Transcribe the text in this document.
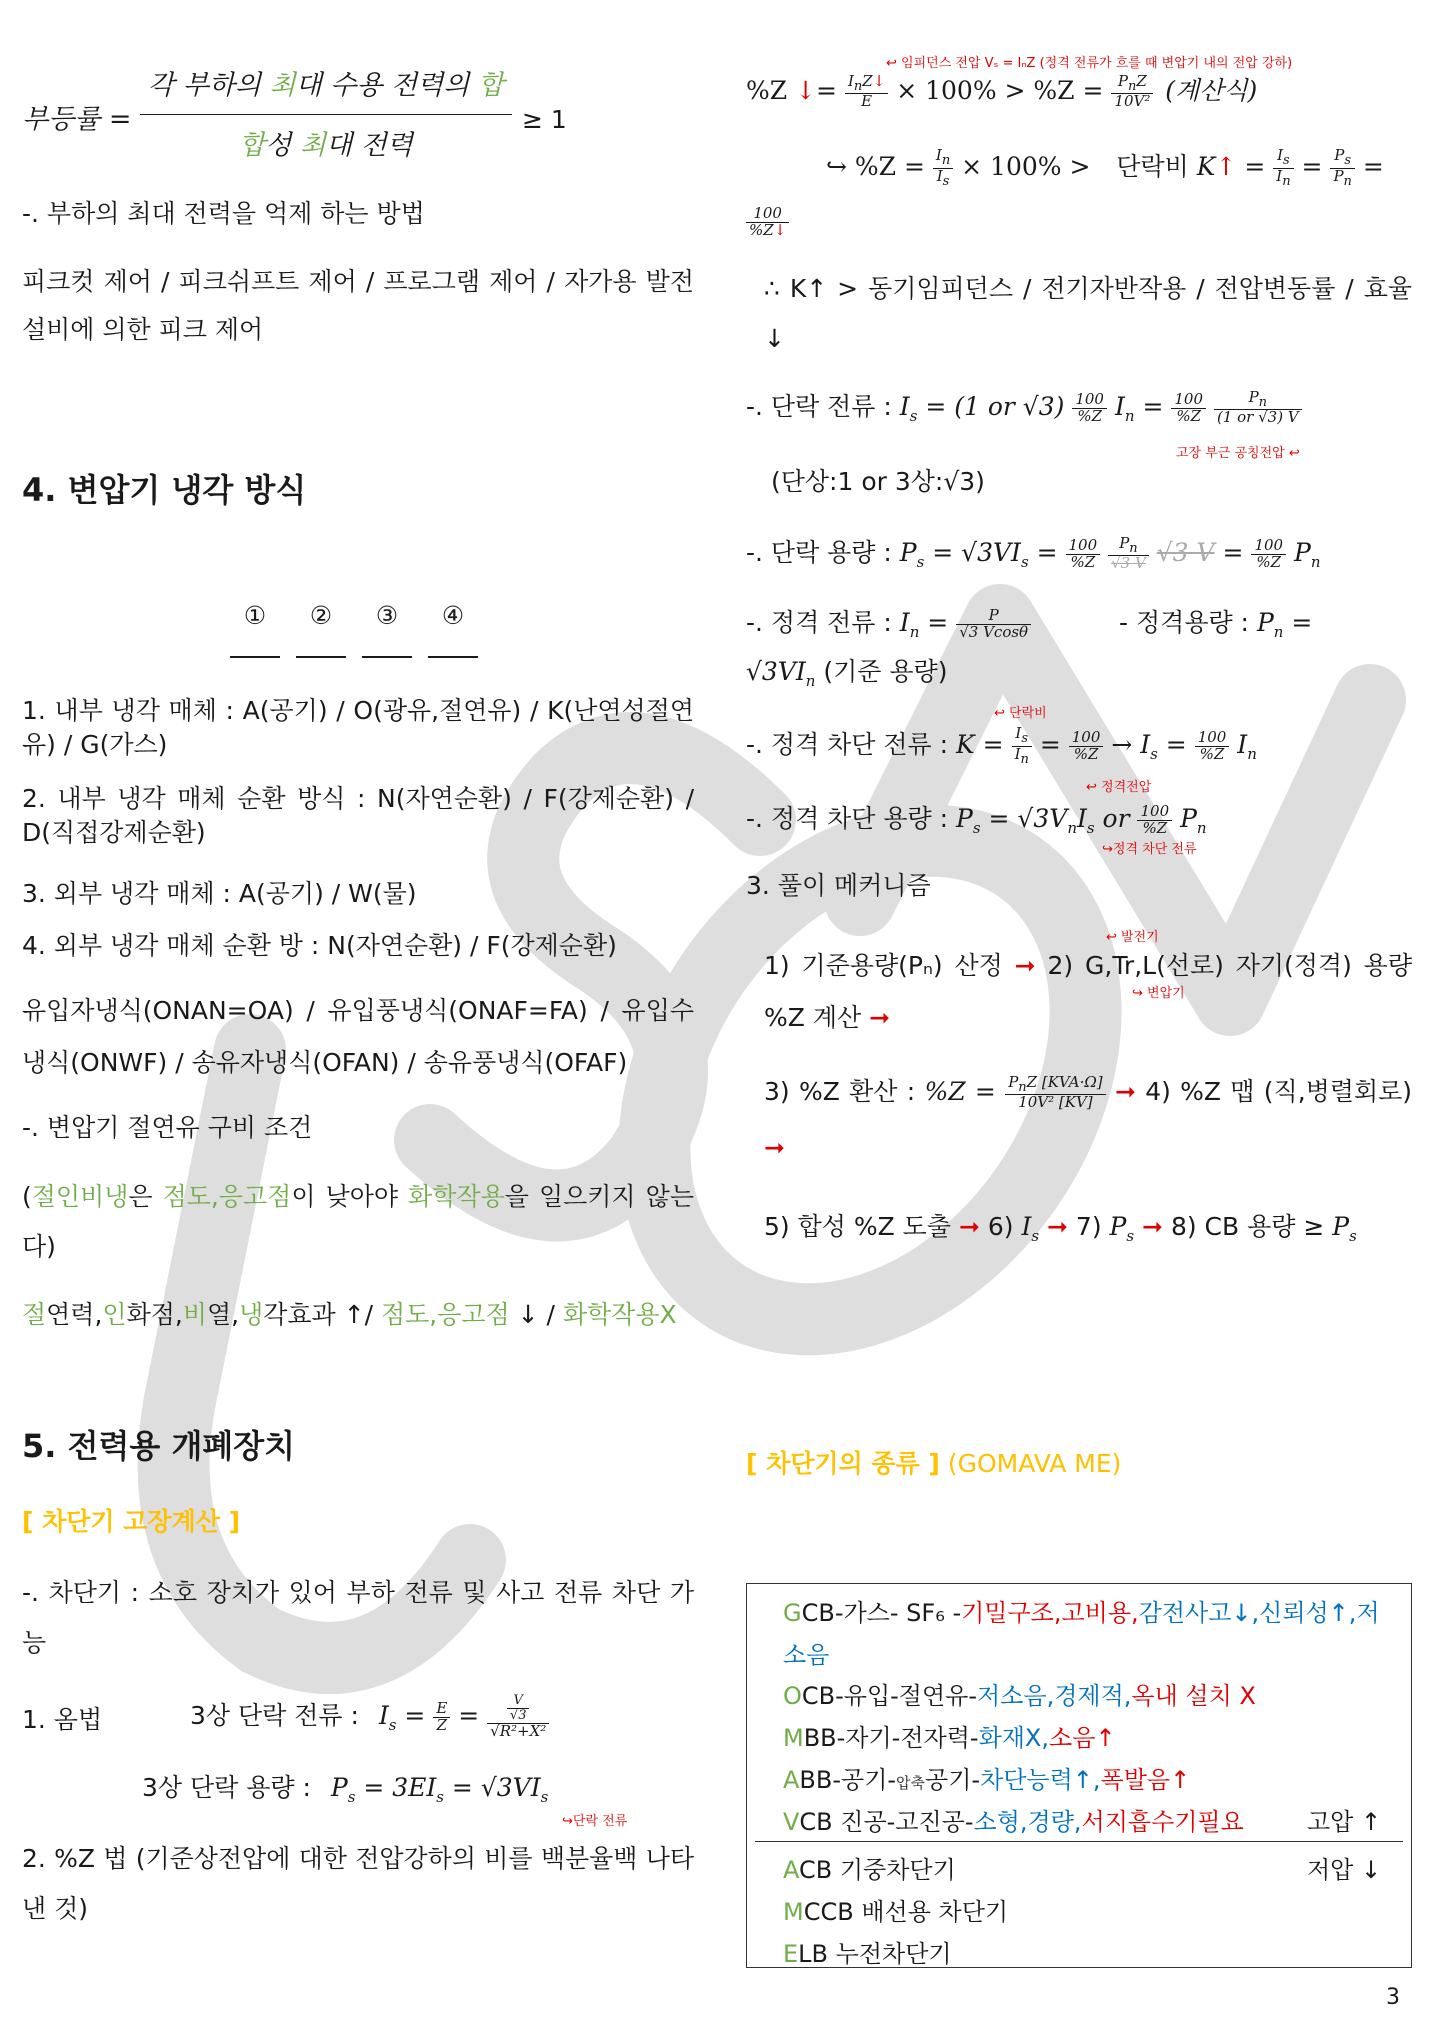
부등률 =
각 부하의 최대 수용 전력의 합
합성 최대 전력
≥ 1
-. 부하의 최대 전력을 억제 하는 방법
피크컷 제어 / 피크쉬프트 제어 / 프로그램 제어 / 자가용 발전설비에 의한 피크 제어
4. 변압기 냉각 방식
① ② ③ ④
1. 내부 냉각 매체 : A(공기) / O(광유,절연유) / K(난연성절연유) / G(가스)
2. 내부 냉각 매체 순환 방식 : N(자연순환) / F(강제순환) / D(직접강제순환)
3. 외부 냉각 매체 : A(공기) / W(물)
4. 외부 냉각 매체 순환 방 : N(자연순환) / F(강제순환)
유입자냉식(ONAN=OA) / 유입풍냉식(ONAF=FA) / 유입수냉식(ONWF) / 송유자냉식(OFAN) / 송유풍냉식(OFAF)
-. 변압기 절연유 구비 조건
(절인비냉은 점도,응고점이 낮아야 화학작용을 일으키지 않는다)
절연력,인화점,비열,냉각효과 ↑/ 점도,응고점 ↓ / 화학작용X
5. 전력용 개폐장치
[ 차단기 고장계산 ]
-. 차단기 : 소호 장치가 있어 부하 전류 및 사고 전류 차단 가능
1. 옴법	3상 단락 전류 : $I_s = \frac{E}{Z} = \frac{\frac{V}{√3}}{\text{√R²+X²}}$
3상 단락 용량 : $P_s = 3EI_s = √3VI_s$
↪단락 전류
2. %Z 법 (기준상전압에 대한 전압강하의 비를 백분율백 나타낸 것)
↩ 임피던스 전압 Vₛ = IₙZ (정격 전류가 흐를 때 변압기 내의 전압 강하)
%Z ↓= $\frac{I_nZ↓}{E} \times 100\% > \%Z = \frac{P_nZ}{\text{10V²}}$ (계산식)
↪ $\%Z = \frac{I_n}{I_s} \times 100\%$ > 단락비 K↑ = $\frac{I_s}{I_n} = \frac{P_s}{P_n}$ =
$\frac{100}{\%Z↓}$
∴ K↑ > 동기임피던스 / 전기자반작용 / 전압변동률 / 효율↓
-. 단락 전류 : $I_s = (1$ or $√3) \frac{100}{\%Z} I_n = \frac{100}{\%Z}$
$\frac{P_n}{(1 or √3) V}$
고장 부근 공칭전압 ↩
(단상:1 or 3상:√3)
-. 단락 용량 : $P_s = √3VI_s = \frac{100}{\%Z}$
$\frac{P_n}{√3 V} √3$ $V = \frac{100}{\%Z} P_n$
-. 정격 전류 : $I_n = \frac{P}{√3 Vcos\theta}$	- 정격용량 : $P_n$ =
$√3VI_n$ (기준 용량)
↩ 단락비
-. 정격 차단 전류 : $K = \frac{I_s}{I_n} = \frac{100}{\%Z} \to I_s = \frac{100}{\%Z} I_n$
↩ 정격전압
-. 정격 차단 용량 : $P_s = √3V_nI_s$ or $\frac{100}{\%Z} P_n$
↪정격 차단 전류
3. 풀이 메커니즘
↩ 발전기
1) 기준용량(Pₙ) 산정 ➞ 2) G,Tr,L(선로) 자기(정격) 용량 %Z 계산 ➞
↪ 변압기
3) %Z 환산 : $\%Z = \frac{P_nZ [KVA\cdot\Omega]}{\text{10V² [KV]}}$ ➞ 4) %Z 맵 (직,병렬회로) ➞
5) 합성 %Z 도출 ➞ 6) $I_s$ ➞ 7) $P_s$ ➞ 8) CB 용량 ≥ $P_s$
[ 차단기의 종류 ] (GOMAVA ME)
GCB-가스- SF₆ -기밀구조,고비용,감전사고↓,신뢰성↑,저소음
OCB-유입-절연유-저소음,경제적,옥내 설치 X
MBB-자기-전자력-화재X,소음↑
ABB-공기-압축공기-차단능력↑,폭발음↑
VCB 진공-고진공-소형,경량,서지흡수기필요	고압 ↑
ACB 기중차단기	저압 ↓
MCCB 배선용 차단기
ELB 누전차단기
3
